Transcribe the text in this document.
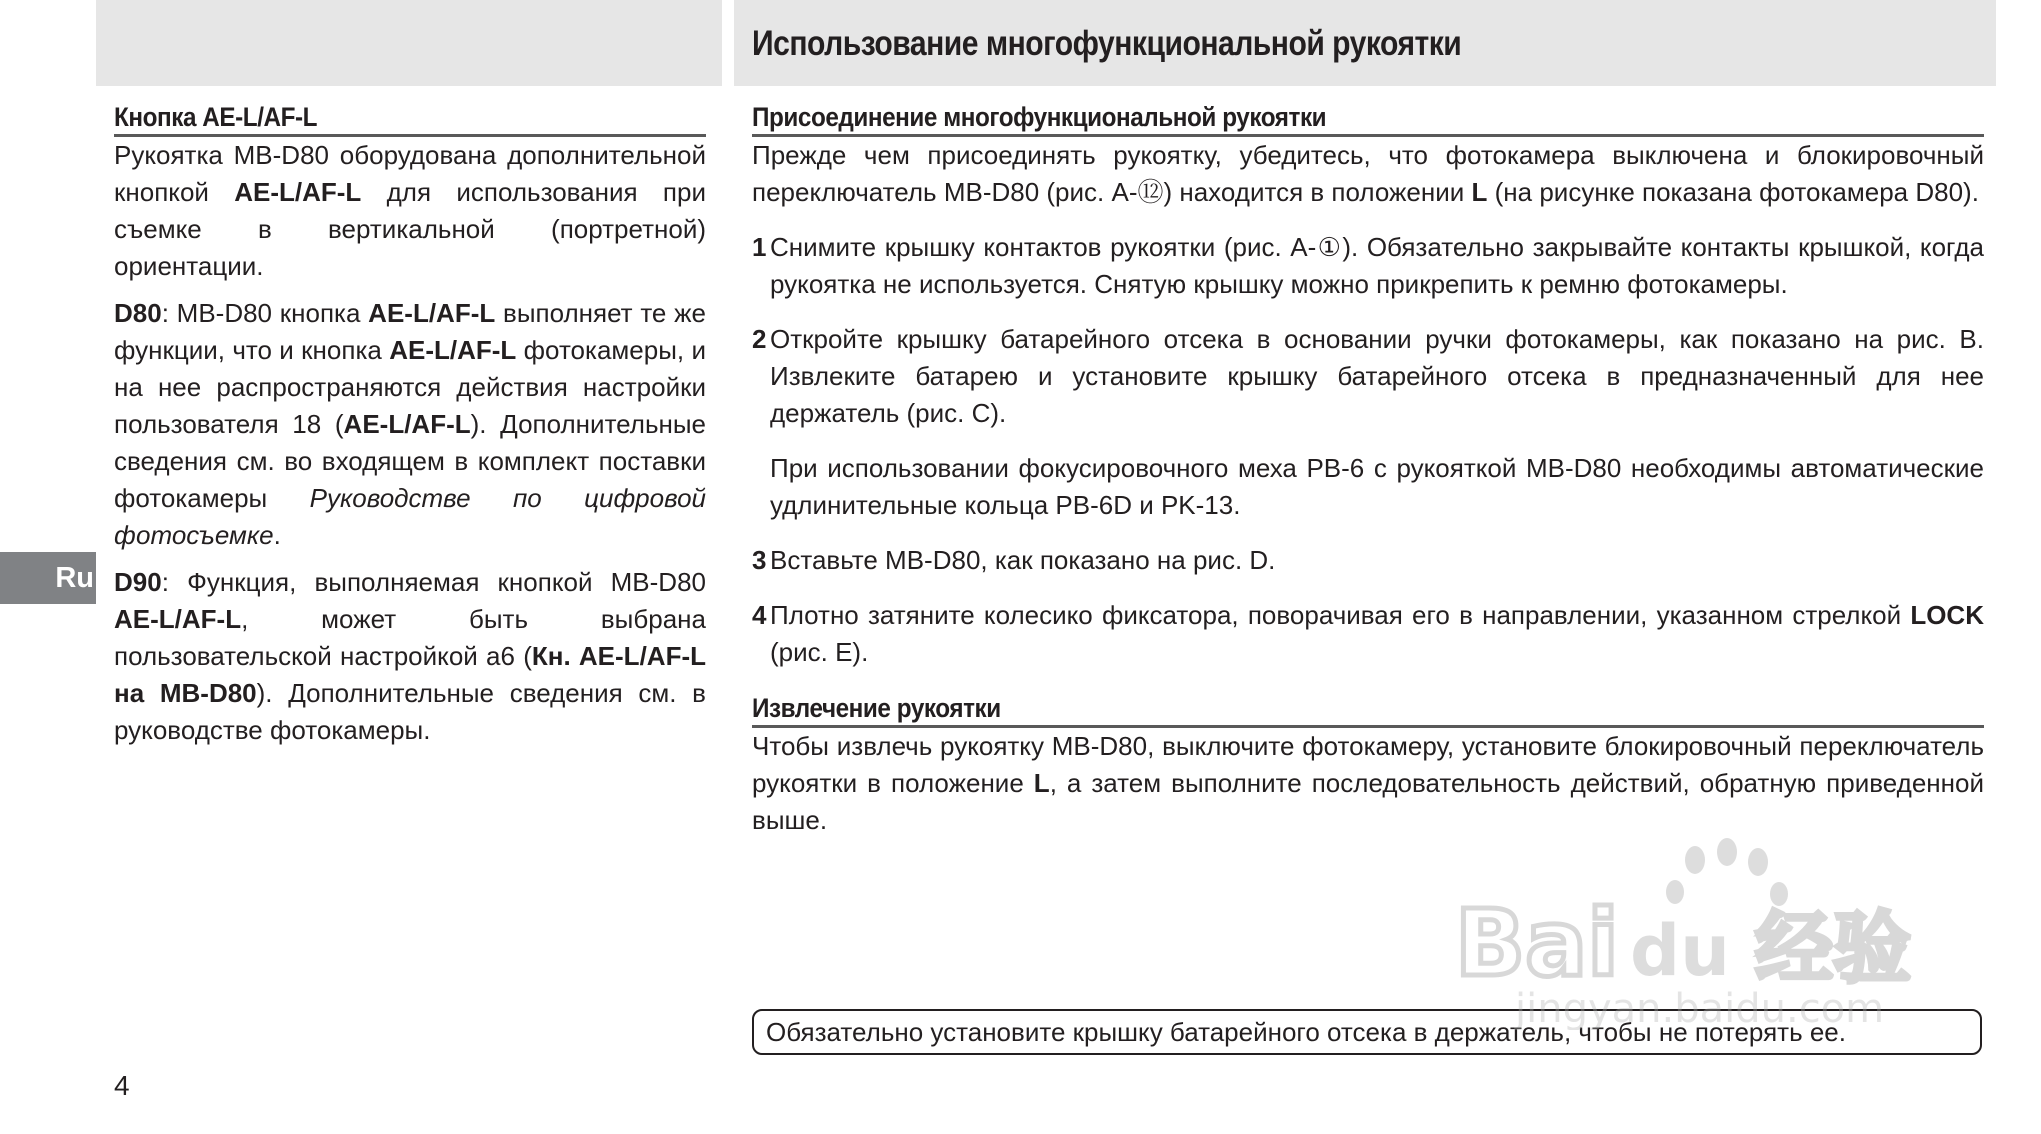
Использование многофункциональной рукоятки
Ru
Кнопка AE-L/AF-L

Рукоятка MB-D80 оборудована дополнительной кнопкой AE-L/AF-L для использования при съемке в вертикальной (портретной) ориентации.

D80: MB-D80 кнопка AE-L/AF-L выполняет те же функции, что и кнопка AE-L/AF-L фотокамеры, и на нее распространяются действия настройки пользователя 18 (AE-L/AF-L). Дополнительные сведения см. во входящем в комплект поставки фотокамеры Руководстве по цифровой фотосъемке.

D90: Функция, выполняемая кнопкой MB-D80 AE-L/AF-L, может быть выбрана пользовательской настройкой a6 (Кн. AE-L/AF-L на MB-D80). Дополнительные сведения см. в руководстве фотокамеры.

Присоединение многофункциональной рукоятки

Прежде чем присоединять рукоятку, убедитесь, что фотокамера выключена и блокировочный переключатель MB-D80 (рис. A-⑫) находится в положении L (на рисунке показана фотокамера D80).

1 Снимите крышку контактов рукоятки (рис. A-①). Обязательно закрывайте контакты крышкой, когда рукоятка не используется. Снятую крышку можно прикрепить к ремню фотокамеры.
2 Откройте крышку батарейного отсека в основании ручки фотокамеры, как показано на рис. B. Извлеките батарею и установите крышку батарейного отсека в предназначенный для нее держатель (рис. C).

При использовании фокусировочного меха PB-6 с рукояткой MB-D80 необходимы автоматические удлинительные кольца PB-6D и PK-13.

3 Вставьте MB-D80, как показано на рис. D.
4 Плотно затяните колесико фиксатора, поворачивая его в направлении, указанном стрелкой LOCK (рис. E).
Извлечение рукоятки

Чтобы извлечь рукоятку MB-D80, выключите фотокамеру, установите блокировочный переключатель рукоятки в положение L, а затем выполните последовательность действий, обратную приведенной выше.

Обязательно установите крышку батарейного отсека в держатель, чтобы не потерять ее.
4
Bai du 经验
jingyan.baidu.com
